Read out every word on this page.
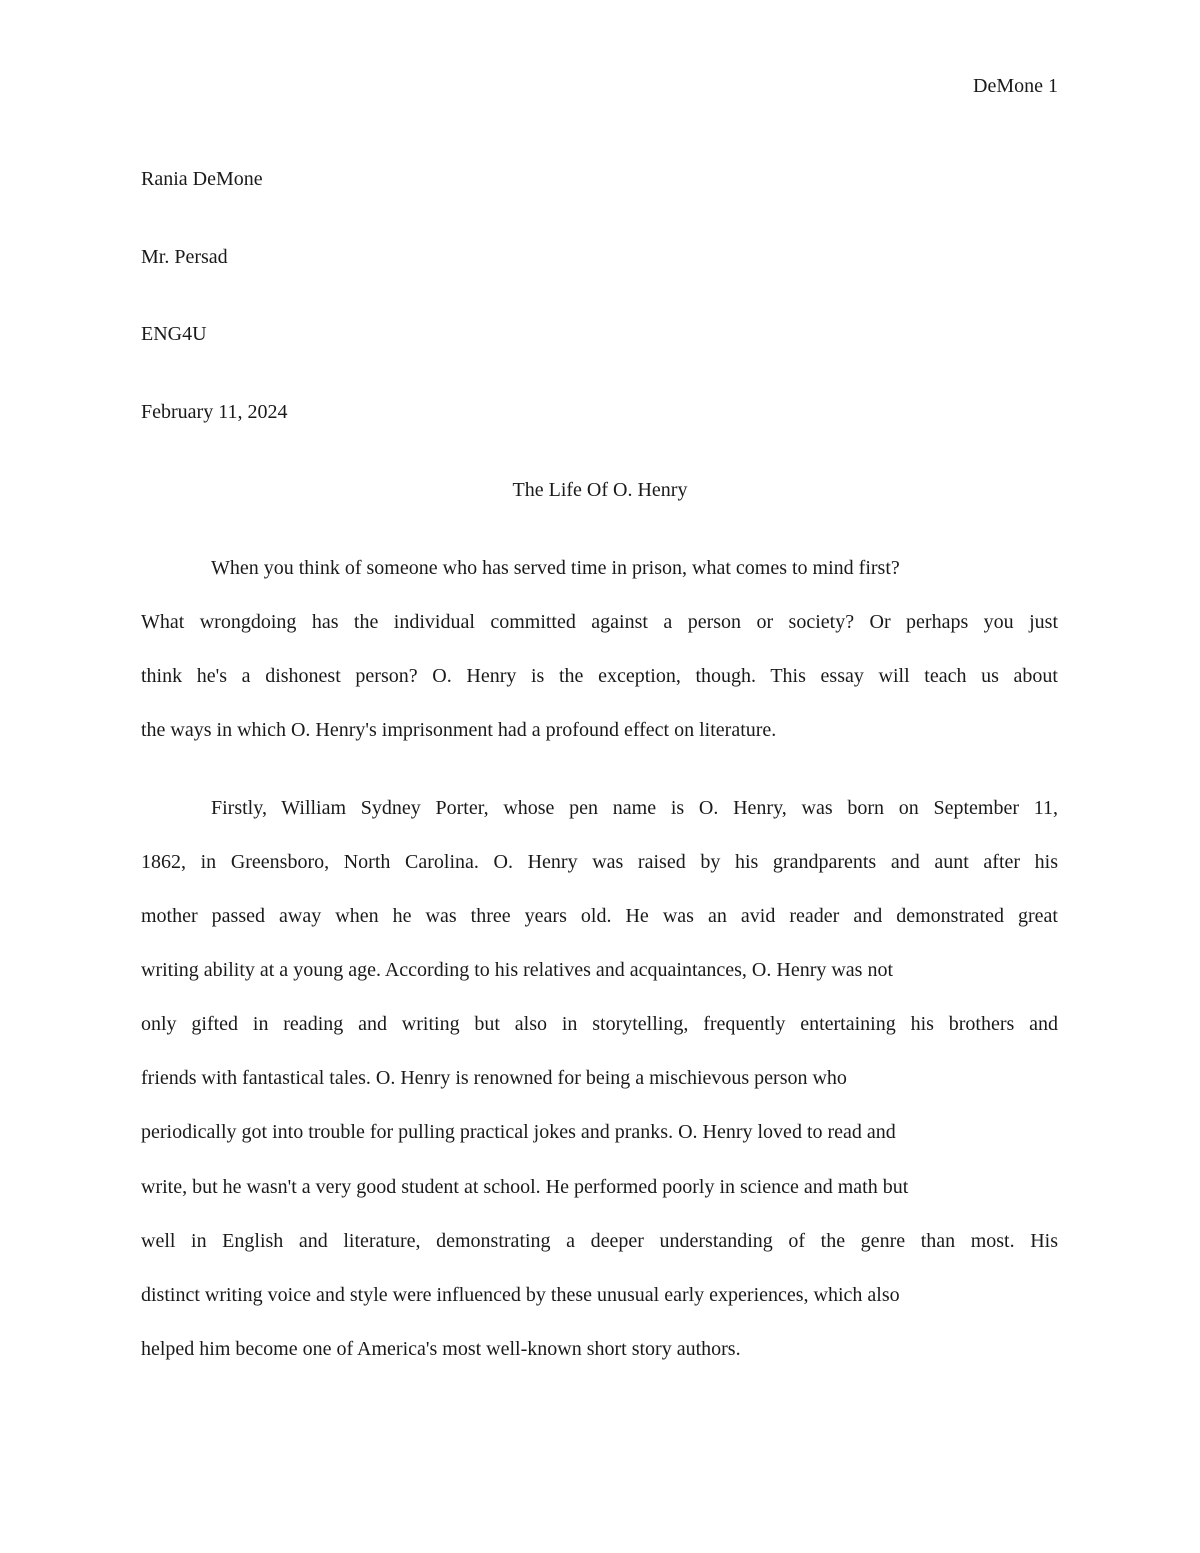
DeMone 1
Rania DeMone
Mr. Persad
ENG4U
February 11, 2024
The Life Of O. Henry
When you think of someone who has served time in prison, what comes to mind first?
What wrongdoing has the individual committed against a person or society? Or perhaps you just
think he's a dishonest person? O. Henry is the exception, though. This essay will teach us about
the ways in which O. Henry's imprisonment had a profound effect on literature.
Firstly, William Sydney Porter, whose pen name is O. Henry, was born on September 11,
1862, in Greensboro, North Carolina. O. Henry was raised by his grandparents and aunt after his
mother passed away when he was three years old. He was an avid reader and demonstrated great
writing ability at a young age. According to his relatives and acquaintances, O. Henry was not
only gifted in reading and writing but also in storytelling, frequently entertaining his brothers and
friends with fantastical tales. O. Henry is renowned for being a mischievous person who
periodically got into trouble for pulling practical jokes and pranks. O. Henry loved to read and
write, but he wasn't a very good student at school. He performed poorly in science and math but
well in English and literature, demonstrating a deeper understanding of the genre than most. His
distinct writing voice and style were influenced by these unusual early experiences, which also
helped him become one of America's most well-known short story authors.
